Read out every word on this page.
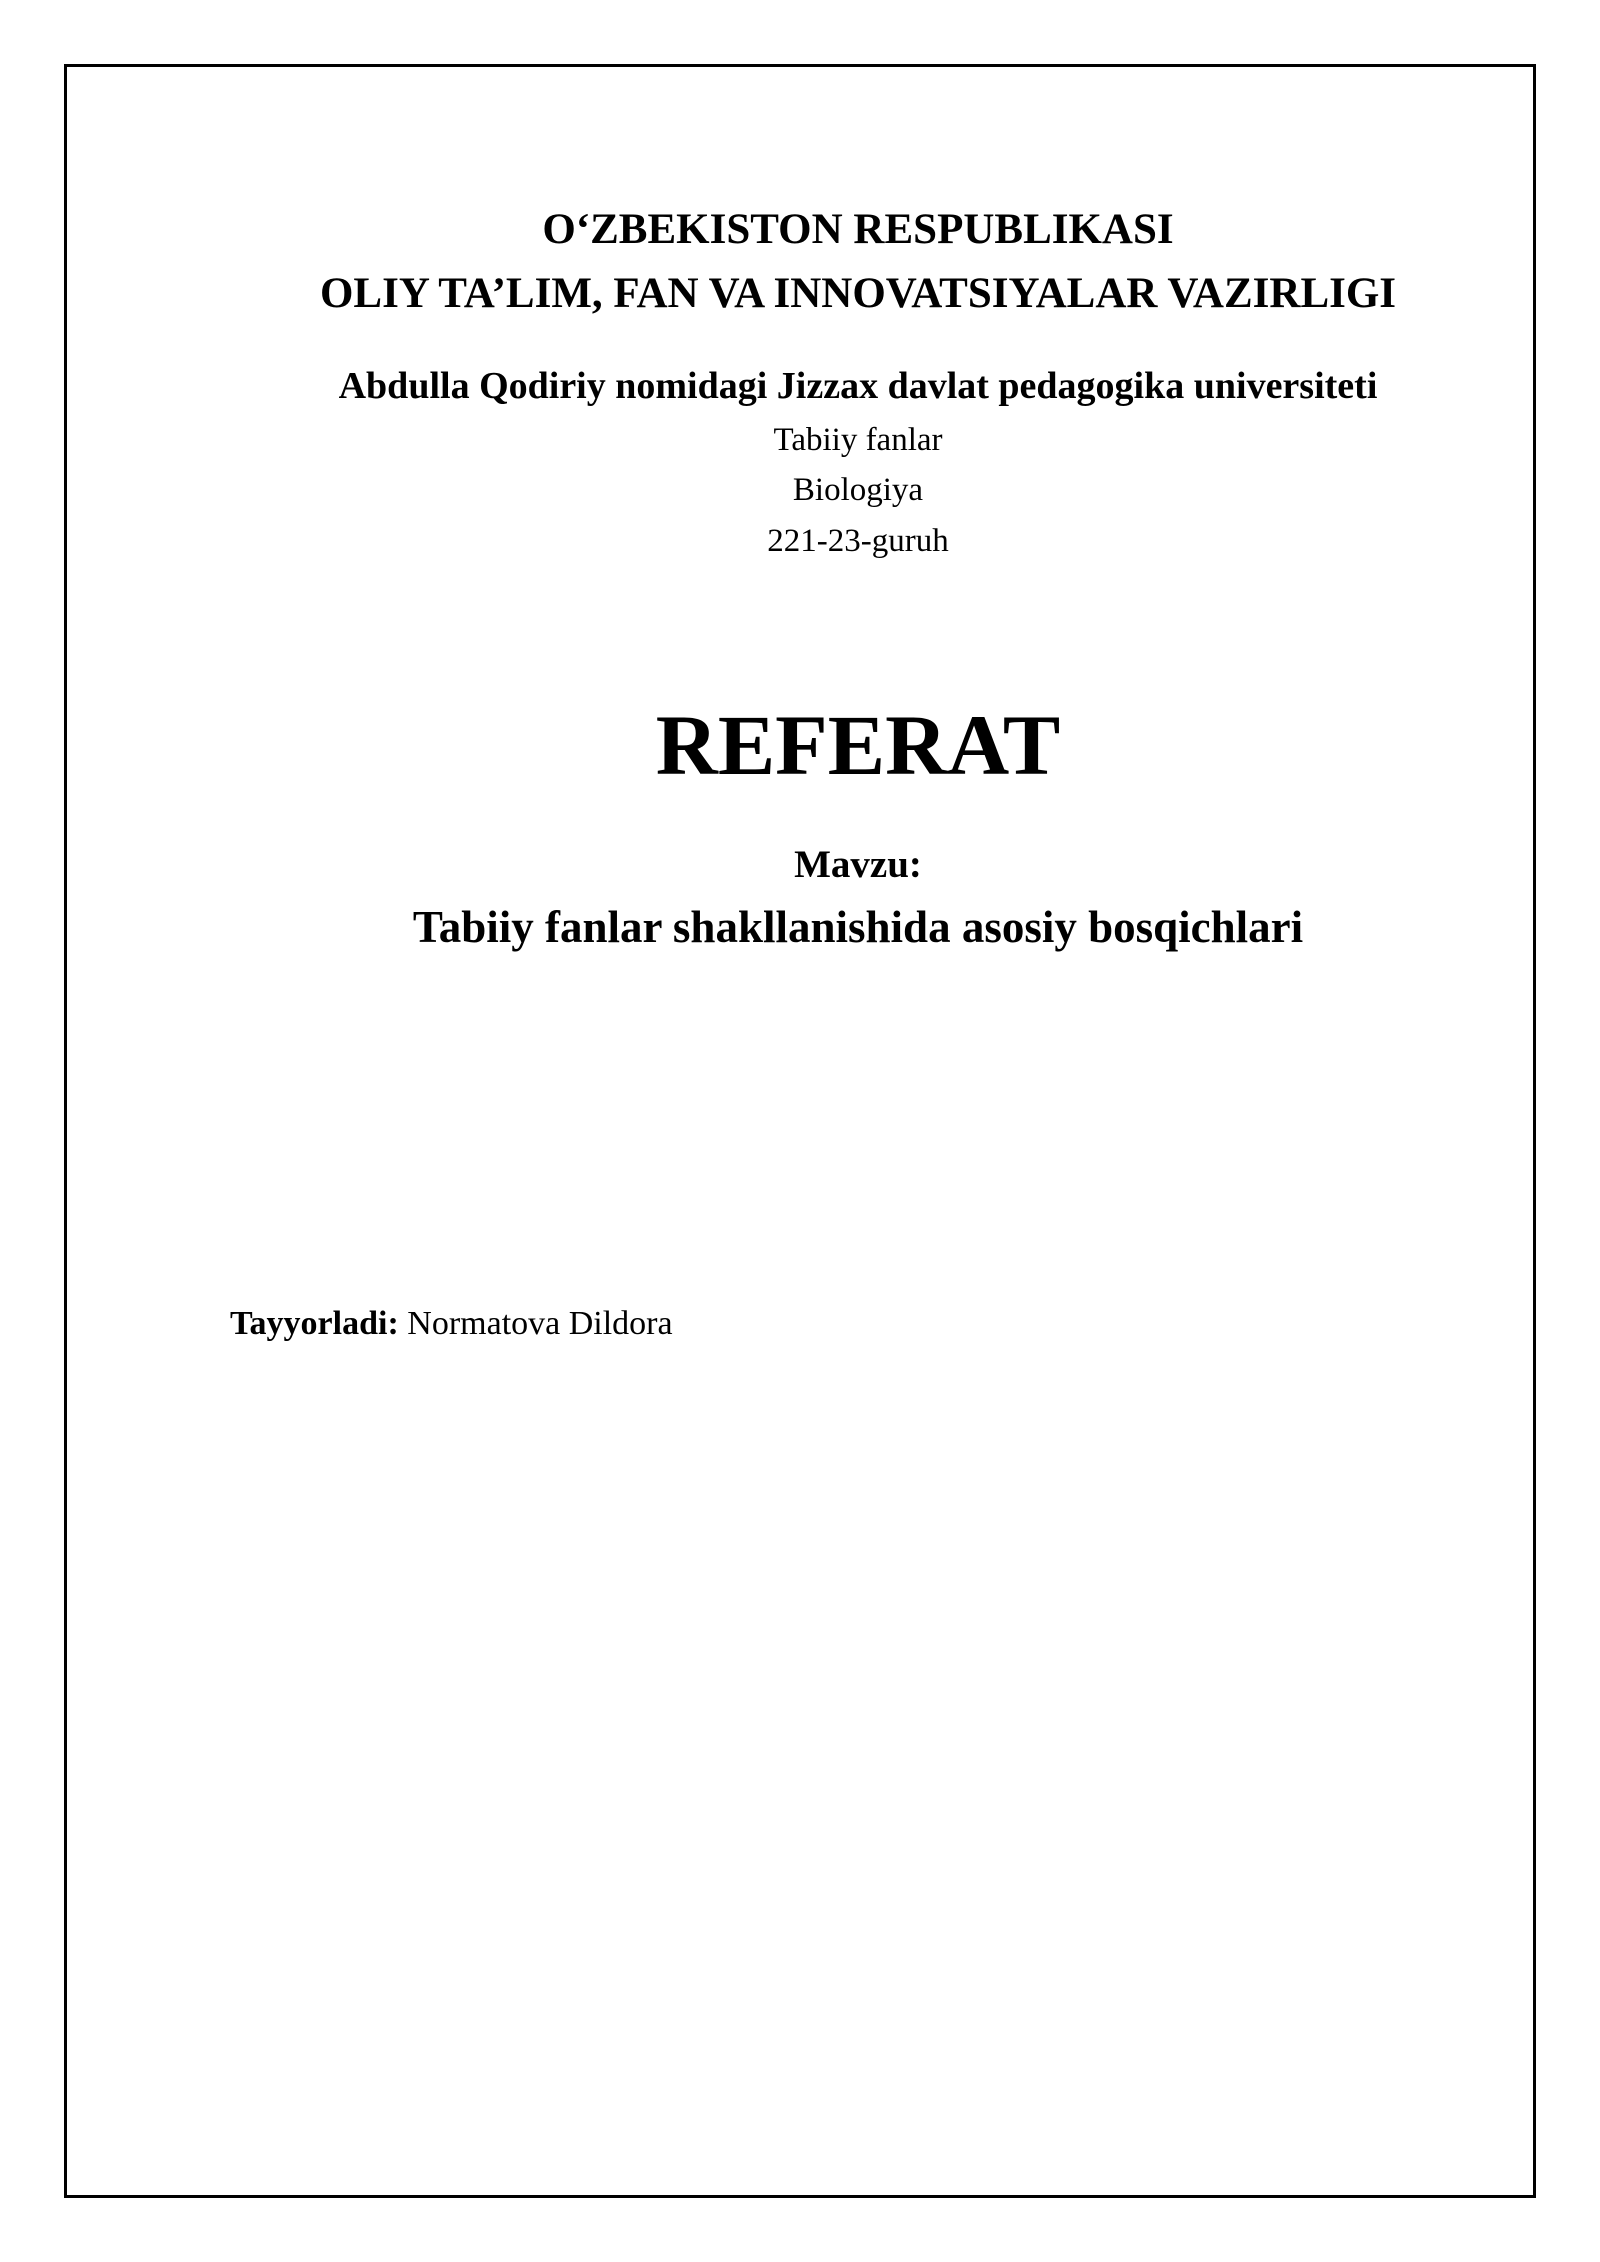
O‘ZBEKISTON RESPUBLIKASI
OLIY TA’LIM, FAN VA INNOVATSIYALAR VAZIRLIGI
Abdulla Qodiriy nomidagi Jizzax davlat pedagogika universiteti
Tabiiy fanlar
Biologiya
221-23-guruh
REFERAT
Mavzu:
Tabiiy fanlar shakllanishida asosiy bosqichlari
Tayyorladi: Normatova Dildora
